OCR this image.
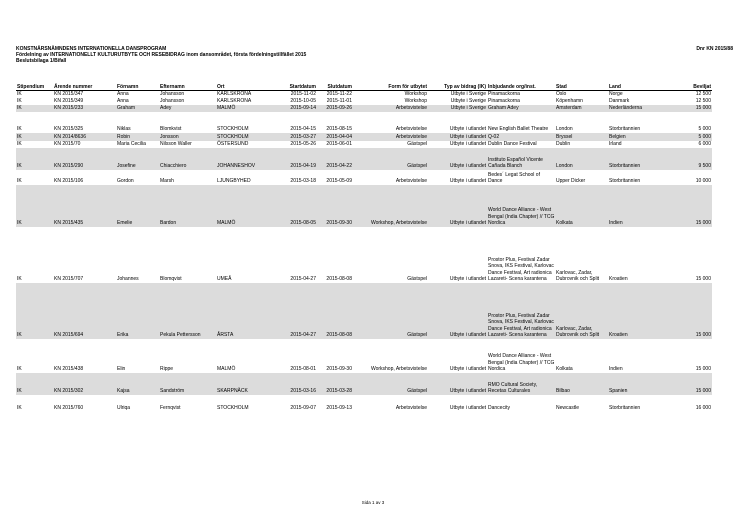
KONSTNÄRSNÄMNDENS INTERNATIONELLA DANSPROGRAM
Fördelning av INTERNATIONELLT KULTURUTBYTE OCH RESEBIDRAG inom dansområdet, första fördelningstillfället 2015
Beslutsbilaga 1/Bifall
Dnr KN 2015/88
Stipendium	Ärende nummer	Förnamn	Efternamn	Ort	Startdatum	Slutdatum	Form för utbytet	Typ av bidrag (IK)	Inbjudande org/inst.	Stad	Land	Beviljat
IK	KN 2015/347	Anna	Johansson	KARLSKRONA	2015-11-02	2015-11-22	Workshop	Utbyte i Sverige	Pinamackorna	Oslo	Norge	12 500
IK	KN 2015/349	Anna	Johansson	KARLSKRONA	2015-10-05	2015-11-01	Workshop	Utbyte i Sverige	Pinamackorna	Köpenhamn	Danmark	12 500
IK	KN 2015/233	Graham	Adey	MALMÖ	2015-09-14	2015-09-26	Arbetsvistelse	Utbyte i Sverige	Graham Adey	Amsterdam	Nederländerna	15 000
IK	KN 2015/325	Niklas	Blomkvist	STOCKHOLM	2015-04-15	2015-08-15	Arbetsvistelse	Utbyte i utlandet	New English Ballet Theatre	London	Storbritannien	5 000
IK	KN 2014/8636	Robin	Jonsson	STOCKHOLM	2015-03-27	2015-04-04	Arbetsvistelse	Utbyte i utlandet	Q-02	Bryssel	Belgien	5 000
IK	KN 2015/70	Maria Cecilia	Nilsson Waller	ÖSTERSUND	2015-05-26	2015-06-01	Gästspel	Utbyte i utlandet	Dublin Dance Festival	Dublin	Irland	6 000
IK	KN 2015/290	Josefine	Chiacchiero	JOHANNESHOV	2015-04-19	2015-04-22	Gästspel	Utbyte i utlandet	Instituto Español Vicente Cañada Blanch	London	Storbritannien	9 500
IK	KN 2015/106	Gordon	Marsh	LJUNGBYHED	2015-03-18	2015-05-09	Arbetsvistelse	Utbyte i utlandet	Bedes´ Legat School of Dance	Upper Dicker	Storbritannien	10 000
IK	KN 2015/435	Emelie	Bardon	MALMÖ	2015-08-05	2015-09-30	Workshop, Arbetsvistelse	Utbyte i utlandet	World Dance Alliance - West Bengal (India Chapter) // TCG Nordica	Kolkata	Indien	15 000
IK	KN 2015/707	Johannes	Blomqvist	UMEÅ	2015-04-27	2015-08-08	Gästspel	Utbyte i utlandet	Prostor Plus, Festival Zadar Snova, IKS Festival, Karlovac Dance Festival, Art radionica Lazareti- Scena karantena	Karlovac, Zadar, Dubrovnik och Split	Kroatien	15 000
IK	KN 2015/694	Erika	Pekula Pettersson	ÅRSTA	2015-04-27	2015-08-08	Gästspel	Utbyte i utlandet	Prostor Plus, Festival Zadar Snova, IKS Festival, Karlovac Dance Festival, Art radionica Lazareti- Scena karantena	Karlovac, Zadar, Dubrovnik och Split	Kroatien	15 000
IK	KN 2015/438	Elin	Rippe	MALMÖ	2015-08-01	2015-09-30	Workshop, Arbetsvistelse	Utbyte i utlandet	World Dance Alliance - West Bengal (India Chapter) // TCG Nordica	Kolkata	Indien	15 000
IK	KN 2015/302	Kajsa	Sandström	SKARPNÄCK	2015-03-16	2015-03-28	Gästspel	Utbyte i utlandet	RMO Cultural Society, Recetas Culturales	Bilbao	Spanien	15 000
IK	KN 2015/760	Ulriqa	Fernqvist	STOCKHOLM	2015-09-07	2015-09-13	Arbetsvistelse	Utbyte i utlandet	Dancecity	Newcastle	Storbritannien	16 000
Sida 1 av 3
